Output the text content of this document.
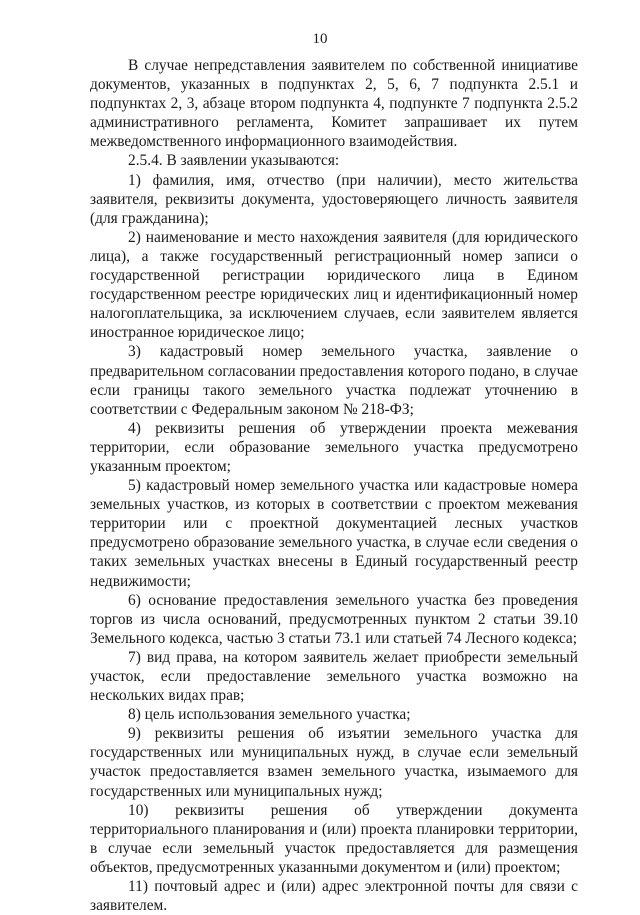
10

В случае непредставления заявителем по собственной инициативе документов, указанных в подпунктах 2, 5, 6, 7 подпункта 2.5.1 и подпунктах 2, 3, абзаце втором подпункта 4, подпункте 7 подпункта 2.5.2 административного регламента, Комитет запрашивает их путем межведомственного информационного взаимодействия.

2.5.4. В заявлении указываются:

1) фамилия, имя, отчество (при наличии), место жительства заявителя, реквизиты документа, удостоверяющего личность заявителя (для гражданина);

2) наименование и место нахождения заявителя (для юридического лица), а также государственный регистрационный номер записи о государственной регистрации юридического лица в Едином государственном реестре юридических лиц и идентификационный номер налогоплательщика, за исключением случаев, если заявителем является иностранное юридическое лицо;

3) кадастровый номер земельного участка, заявление о предварительном согласовании предоставления которого подано, в случае если границы такого земельного участка подлежат уточнению в соответствии с Федеральным законом № 218-ФЗ;

4) реквизиты решения об утверждении проекта межевания территории, если образование земельного участка предусмотрено указанным проектом;

5) кадастровый номер земельного участка или кадастровые номера земельных участков, из которых в соответствии с проектом межевания территории или с проектной документацией лесных участков предусмотрено образование земельного участка, в случае если сведения о таких земельных участках внесены в Единый государственный реестр недвижимости;

6) основание предоставления земельного участка без проведения торгов из числа оснований, предусмотренных пунктом 2 статьи 39.10 Земельного кодекса, частью 3 статьи 73.1 или статьей 74 Лесного кодекса;

7) вид права, на котором заявитель желает приобрести земельный участок, если предоставление земельного участка возможно на нескольких видах прав;

8) цель использования земельного участка;

9) реквизиты решения об изъятии земельного участка для государственных или муниципальных нужд, в случае если земельный участок предоставляется взамен земельного участка, изымаемого для государственных или муниципальных нужд;

10) реквизиты решения об утверждении документа территориального планирования и (или) проекта планировки территории, в случае если земельный участок предоставляется для размещения объектов, предусмотренных указанными документом и (или) проектом;

11) почтовый адрес и (или) адрес электронной почты для связи с заявителем.
